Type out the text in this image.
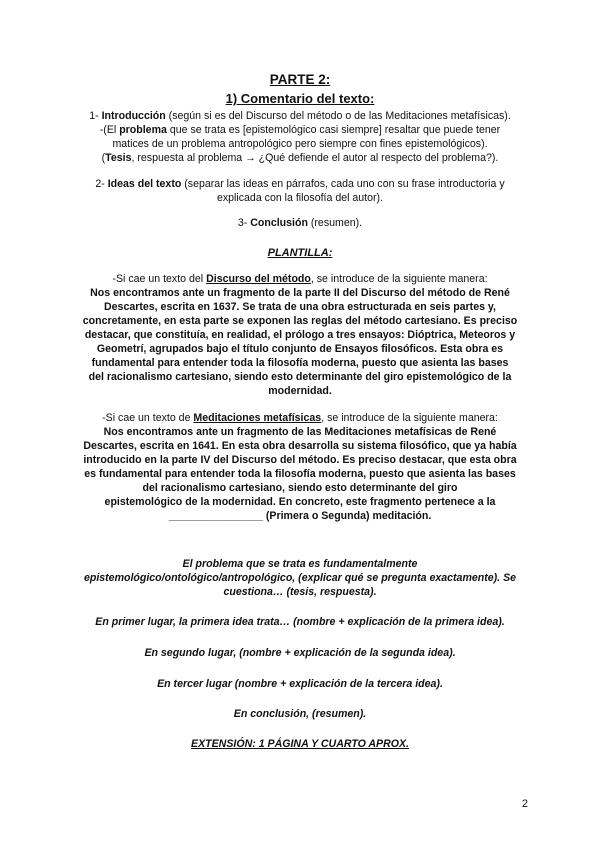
PARTE 2:
1) Comentario del texto:
1- Introducción (según si es del Discurso del método o de las Meditaciones metafísicas).
-(El problema que se trata es [epistemológico casi siempre] resaltar que puede tener
matices de un problema antropológico pero siempre con fines epistemológicos).
(Tesis, respuesta al problema → ¿Qué defiende el autor al respecto del problema?).
2- Ideas del texto (separar las ideas en párrafos, cada uno con su frase introductoria y
explicada con la filosofía del autor).
3- Conclusión (resumen).
PLANTILLA:
-Si cae un texto del Discurso del método, se introduce de la siguiente manera:
Nos encontramos ante un fragmento de la parte II del Discurso del método de René
Descartes, escrita en 1637. Se trata de una obra estructurada en seis partes y,
concretamente, en esta parte se exponen las reglas del método cartesiano. Es preciso
destacar, que constituía, en realidad, el prólogo a tres ensayos: Dióptrica, Meteoros y
Geometrí, agrupados bajo el título conjunto de Ensayos filosóficos. Esta obra es
fundamental para entender toda la filosofía moderna, puesto que asienta las bases
del racionalismo cartesiano, siendo esto determinante del giro epistemológico de la
modernidad.
-Si cae un texto de Meditaciones metafísicas, se introduce de la siguiente manera:
Nos encontramos ante un fragmento de las Meditaciones metafísicas de René
Descartes, escrita en 1641. En esta obra desarrolla su sistema filosófico, que ya había
introducido en la parte IV del Discurso del método. Es preciso destacar, que esta obra
es fundamental para entender toda la filosofía moderna, puesto que asienta las bases
del racionalismo cartesiano, siendo esto determinante del giro
epistemológico de la modernidad. En concreto, este fragmento pertenece a la
________________ (Primera o Segunda) meditación.
El problema que se trata es fundamentalmente
epistemológico/ontológico/antropológico, (explicar qué se pregunta exactamente). Se
cuestiona… (tesis, respuesta).
En primer lugar, la primera idea trata… (nombre + explicación de la primera idea).
En segundo lugar, (nombre + explicación de la segunda idea).
En tercer lugar (nombre + explicación de la tercera idea).
En conclusión, (resumen).
EXTENSIÓN: 1 PÁGINA Y CUARTO APROX.
2
